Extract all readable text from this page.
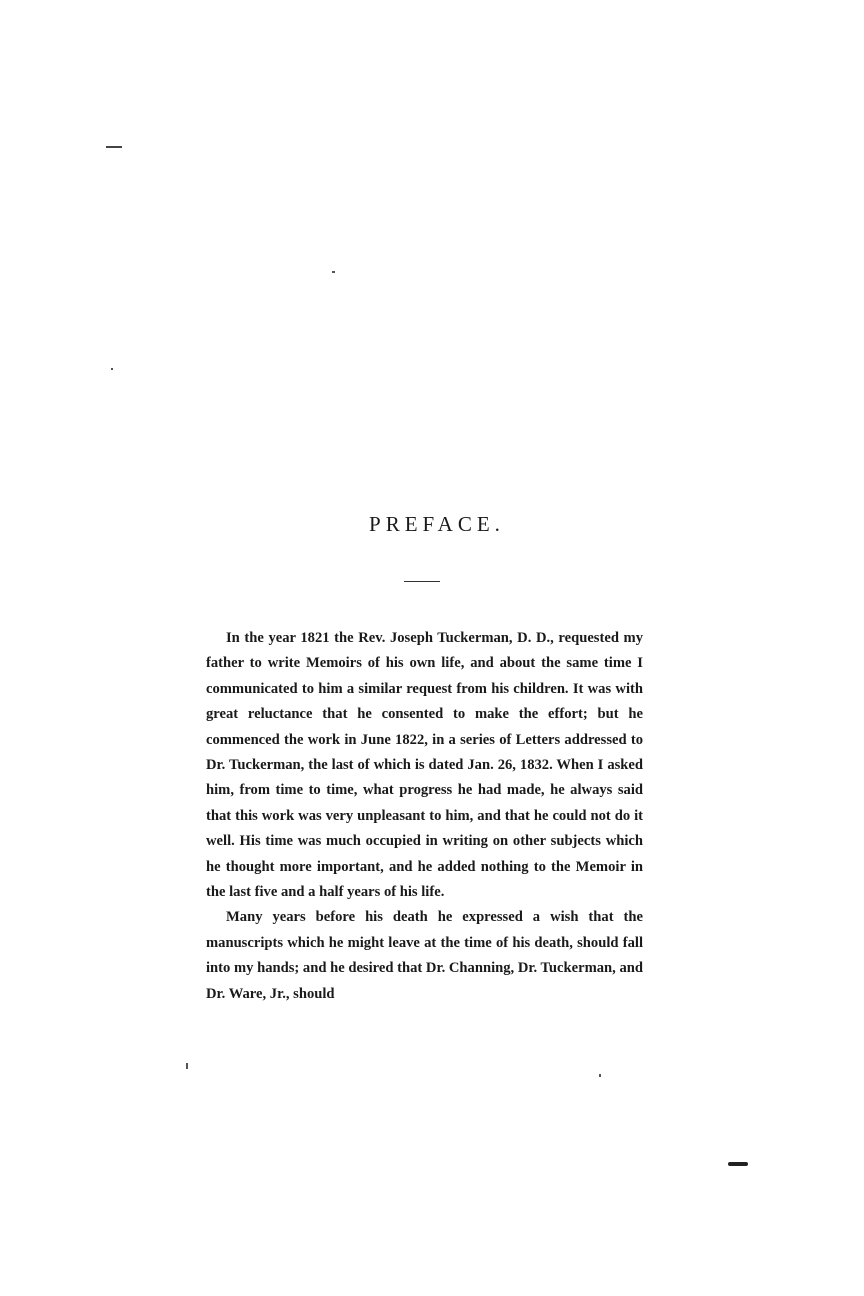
PREFACE.

In the year 1821 the Rev. Joseph Tuckerman, D. D., requested my father to write Memoirs of his own life, and about the same time I communicated to him a similar request from his children. It was with great reluctance that he consented to make the effort; but he commenced the work in June 1822, in a series of Letters addressed to Dr. Tuckerman, the last of which is dated Jan. 26, 1832. When I asked him, from time to time, what progress he had made, he always said that this work was very unpleasant to him, and that he could not do it well. His time was much occupied in writing on other subjects which he thought more important, and he added nothing to the Memoir in the last five and a half years of his life.

Many years before his death he expressed a wish that the manuscripts which he might leave at the time of his death, should fall into my hands; and he desired that Dr. Channing, Dr. Tuckerman, and Dr. Ware, Jr., should
